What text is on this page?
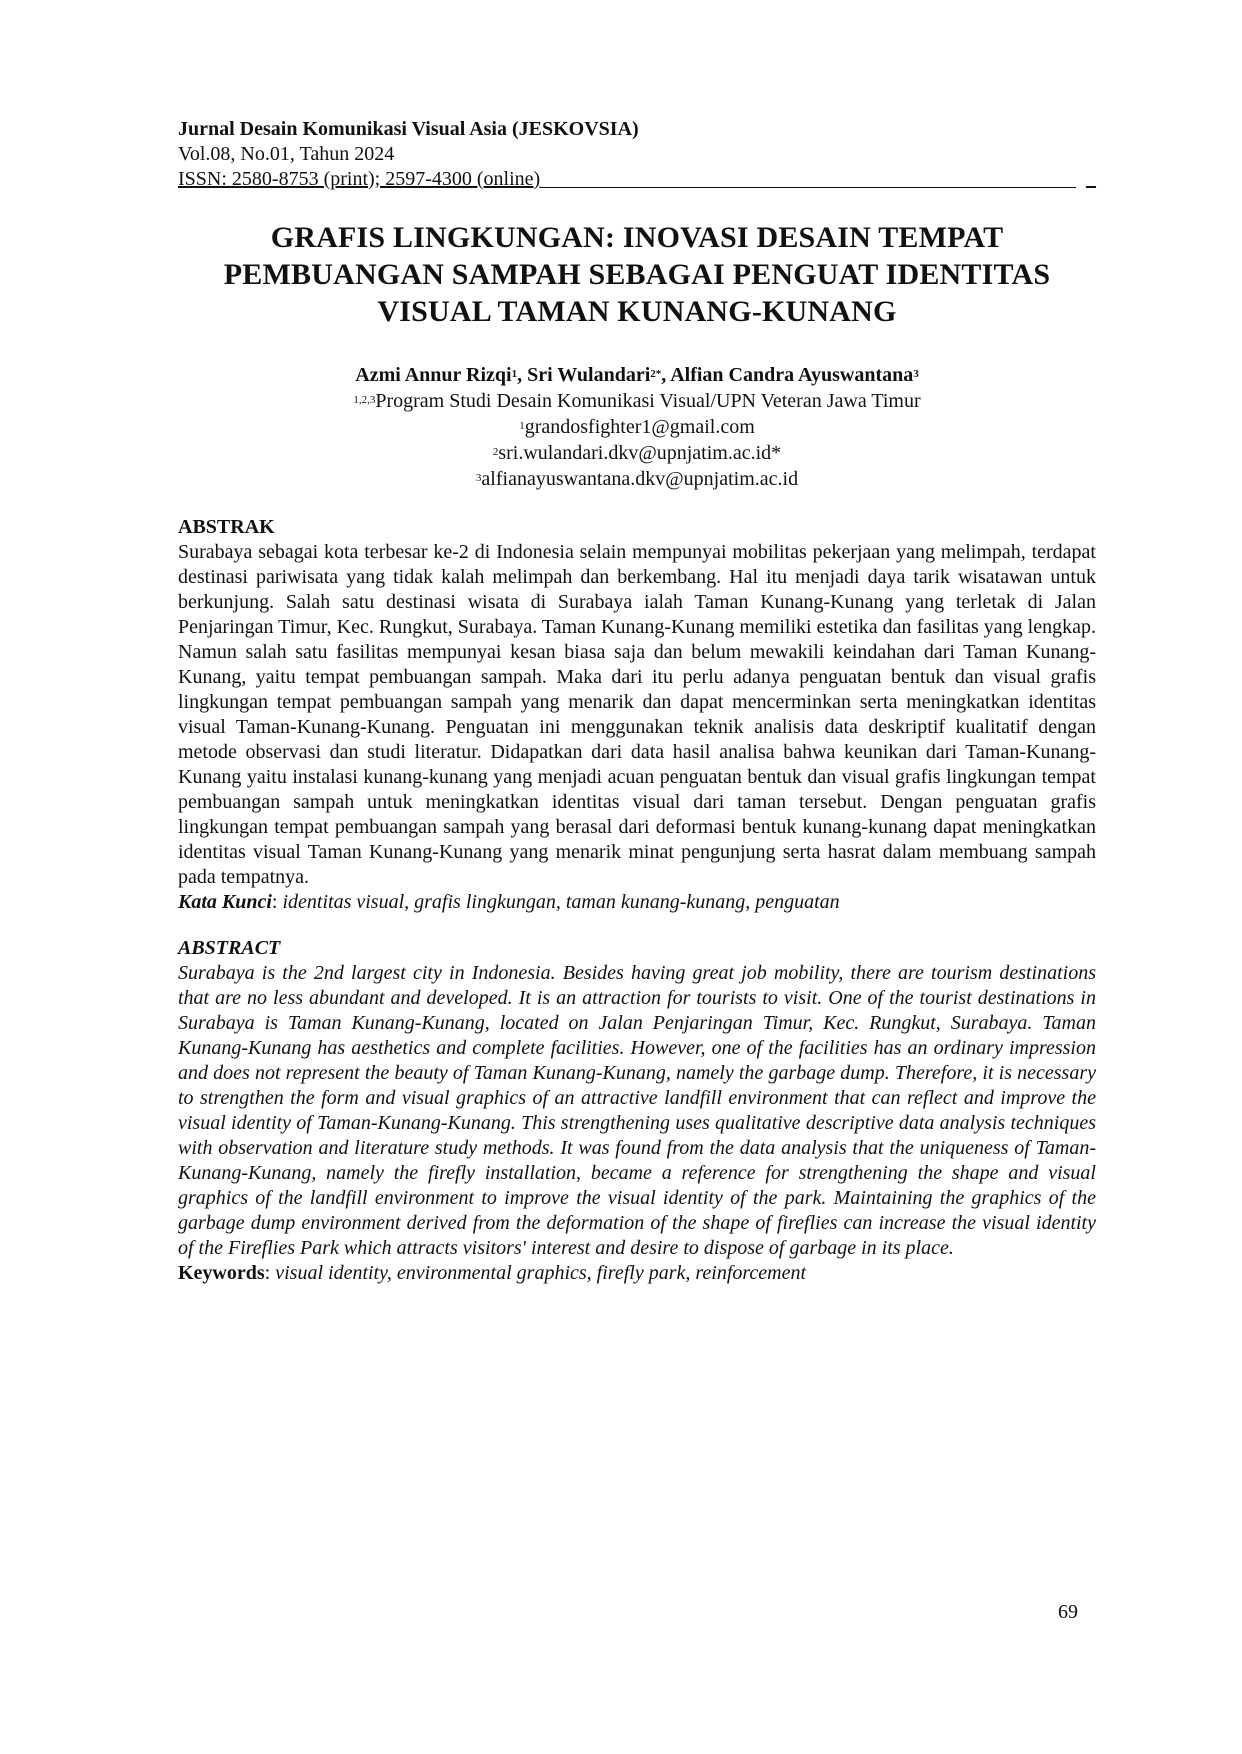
Jurnal Desain Komunikasi Visual Asia (JESKOVSIA)
Vol.08, No.01, Tahun 2024
ISSN: 2580-8753 (print); 2597-4300 (online)	_
GRAFIS LINGKUNGAN: INOVASI DESAIN TEMPAT
PEMBUANGAN SAMPAH SEBAGAI PENGUAT IDENTITAS
VISUAL TAMAN KUNANG-KUNANG
Azmi Annur Rizqi$^1$, Sri Wulandari$^{2*}$, Alfian Candra Ayuswantana$^3$
$^{1,2,3}$Program Studi Desain Komunikasi Visual/UPN Veteran Jawa Timur
$^1$grandosfighter1@gmail.com
$^2$sri.wulandari.dkv@upnjatim.ac.id*
$^3$alfianayuswantana.dkv@upnjatim.ac.id
ABSTRAK
Surabaya sebagai kota terbesar ke-2 di Indonesia selain mempunyai mobilitas pekerjaan yang melimpah, terdapat destinasi pariwisata yang tidak kalah melimpah dan berkembang. Hal itu menjadi daya tarik wisatawan untuk berkunjung. Salah satu destinasi wisata di Surabaya ialah Taman Kunang-Kunang yang terletak di Jalan Penjaringan Timur, Kec. Rungkut, Surabaya. Taman Kunang-Kunang memiliki estetika dan fasilitas yang lengkap. Namun salah satu fasilitas mempunyai kesan biasa saja dan belum mewakili keindahan dari Taman Kunang-Kunang, yaitu tempat pembuangan sampah. Maka dari itu perlu adanya penguatan bentuk dan visual grafis lingkungan tempat pembuangan sampah yang menarik dan dapat mencerminkan serta meningkatkan identitas visual Taman-Kunang-Kunang. Penguatan ini menggunakan teknik analisis data deskriptif kualitatif dengan metode observasi dan studi literatur. Didapatkan dari data hasil analisa bahwa keunikan dari Taman-Kunang-Kunang yaitu instalasi kunang-kunang yang menjadi acuan penguatan bentuk dan visual grafis lingkungan tempat pembuangan sampah untuk meningkatkan identitas visual dari taman tersebut. Dengan penguatan grafis lingkungan tempat pembuangan sampah yang berasal dari deformasi bentuk kunang-kunang dapat meningkatkan identitas visual Taman Kunang-Kunang yang menarik minat pengunjung serta hasrat dalam membuang sampah pada tempatnya.
Kata Kunci: identitas visual, grafis lingkungan, taman kunang-kunang, penguatan
ABSTRACT
Surabaya is the 2nd largest city in Indonesia. Besides having great job mobility, there are tourism destinations that are no less abundant and developed. It is an attraction for tourists to visit. One of the tourist destinations in Surabaya is Taman Kunang-Kunang, located on Jalan Penjaringan Timur, Kec. Rungkut, Surabaya. Taman Kunang-Kunang has aesthetics and complete facilities. However, one of the facilities has an ordinary impression and does not represent the beauty of Taman Kunang-Kunang, namely the garbage dump. Therefore, it is necessary to strengthen the form and visual graphics of an attractive landfill environment that can reflect and improve the visual identity of Taman-Kunang-Kunang. This strengthening uses qualitative descriptive data analysis techniques with observation and literature study methods. It was found from the data analysis that the uniqueness of Taman-Kunang-Kunang, namely the firefly installation, became a reference for strengthening the shape and visual graphics of the landfill environment to improve the visual identity of the park. Maintaining the graphics of the garbage dump environment derived from the deformation of the shape of fireflies can increase the visual identity of the Fireflies Park which attracts visitors' interest and desire to dispose of garbage in its place.
Keywords: visual identity, environmental graphics, firefly park, reinforcement
69
